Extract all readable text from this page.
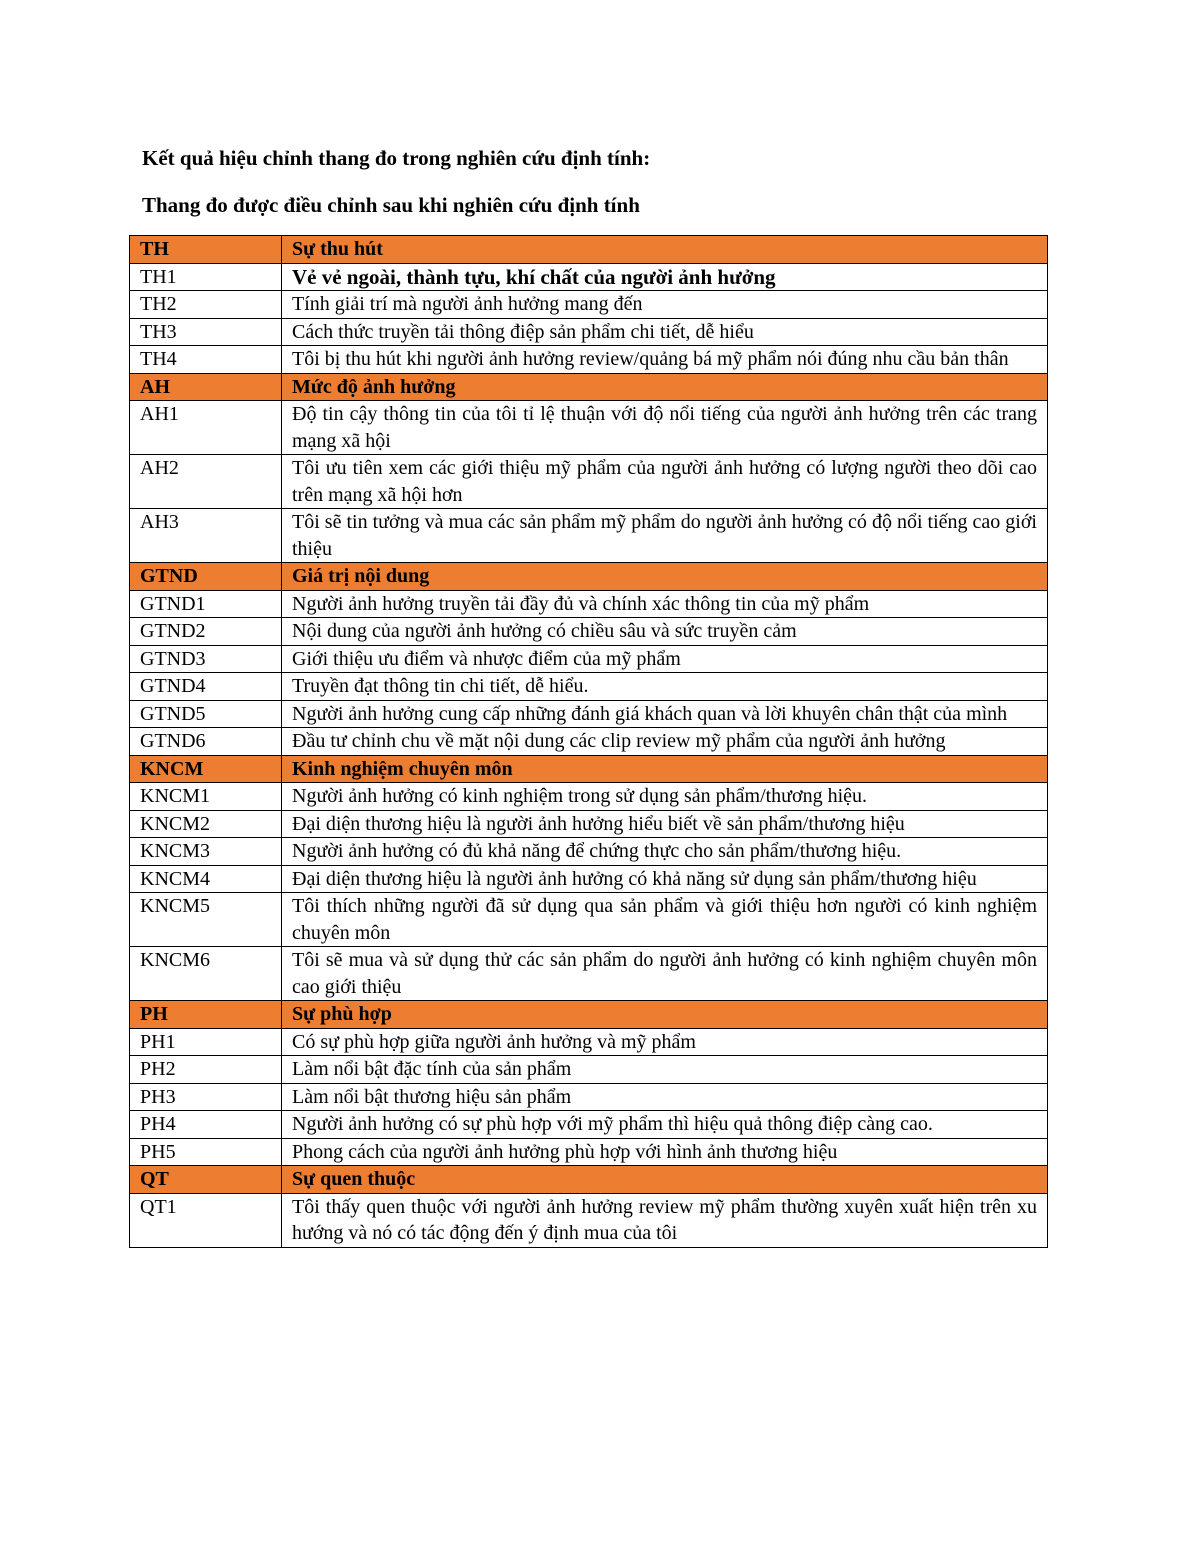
Kết quả hiệu chỉnh thang đo trong nghiên cứu định tính:

Thang đo được điều chỉnh sau khi nghiên cứu định tính

TH	Sự thu hút
TH1	Vẻ vẻ ngoài, thành tựu, khí chất của người ảnh hưởng
TH2	Tính giải trí mà người ảnh hưởng mang đến
TH3	Cách thức truyền tải thông điệp sản phẩm chi tiết, dễ hiểu
TH4	Tôi bị thu hút khi người ảnh hưởng review/quảng bá mỹ phẩm nói đúng nhu cầu bản thân
AH	Mức độ ảnh hưởng
AH1	Độ tin cậy thông tin của tôi tỉ lệ thuận với độ nổi tiếng của người ảnh hưởng trên các trang mạng xã hội
AH2	Tôi ưu tiên xem các giới thiệu mỹ phẩm của người ảnh hưởng có lượng người theo dõi cao trên mạng xã hội hơn
AH3	Tôi sẽ tin tưởng và mua các sản phẩm mỹ phẩm do người ảnh hưởng có độ nổi tiếng cao giới thiệu
GTND	Giá trị nội dung
GTND1	Người ảnh hưởng truyền tải đầy đủ và chính xác thông tin của mỹ phẩm
GTND2	Nội dung của người ảnh hưởng có chiều sâu và sức truyền cảm
GTND3	Giới thiệu ưu điểm và nhược điểm của mỹ phẩm
GTND4	Truyền đạt thông tin chi tiết, dễ hiểu.
GTND5	Người ảnh hưởng cung cấp những đánh giá khách quan và lời khuyên chân thật của mình
GTND6	Đầu tư chỉnh chu về mặt nội dung các clip review mỹ phẩm của người ảnh hưởng
KNCM	Kinh nghiệm chuyên môn
KNCM1	Người ảnh hưởng có kinh nghiệm trong sử dụng sản phẩm/thương hiệu.
KNCM2	Đại diện thương hiệu là người ảnh hưởng hiểu biết về sản phẩm/thương hiệu
KNCM3	Người ảnh hưởng có đủ khả năng để chứng thực cho sản phẩm/thương hiệu.
KNCM4	Đại diện thương hiệu là người ảnh hưởng có khả năng sử dụng sản phẩm/thương hiệu
KNCM5	Tôi thích những người đã sử dụng qua sản phẩm và giới thiệu hơn người có kinh nghiệm chuyên môn
KNCM6	Tôi sẽ mua và sử dụng thử các sản phẩm do người ảnh hưởng có kinh nghiệm chuyên môn cao giới thiệu
PH	Sự phù hợp
PH1	Có sự phù hợp giữa người ảnh hưởng và mỹ phẩm
PH2	Làm nổi bật đặc tính của sản phẩm
PH3	Làm nổi bật thương hiệu sản phẩm
PH4	Người ảnh hưởng có sự phù hợp với mỹ phẩm thì hiệu quả thông điệp càng cao.
PH5	Phong cách của người ảnh hưởng phù hợp với hình ảnh thương hiệu
QT	Sự quen thuộc
QT1	Tôi thấy quen thuộc với người ảnh hưởng review mỹ phẩm thường xuyên xuất hiện trên xu hướng và nó có tác động đến ý định mua của tôi
